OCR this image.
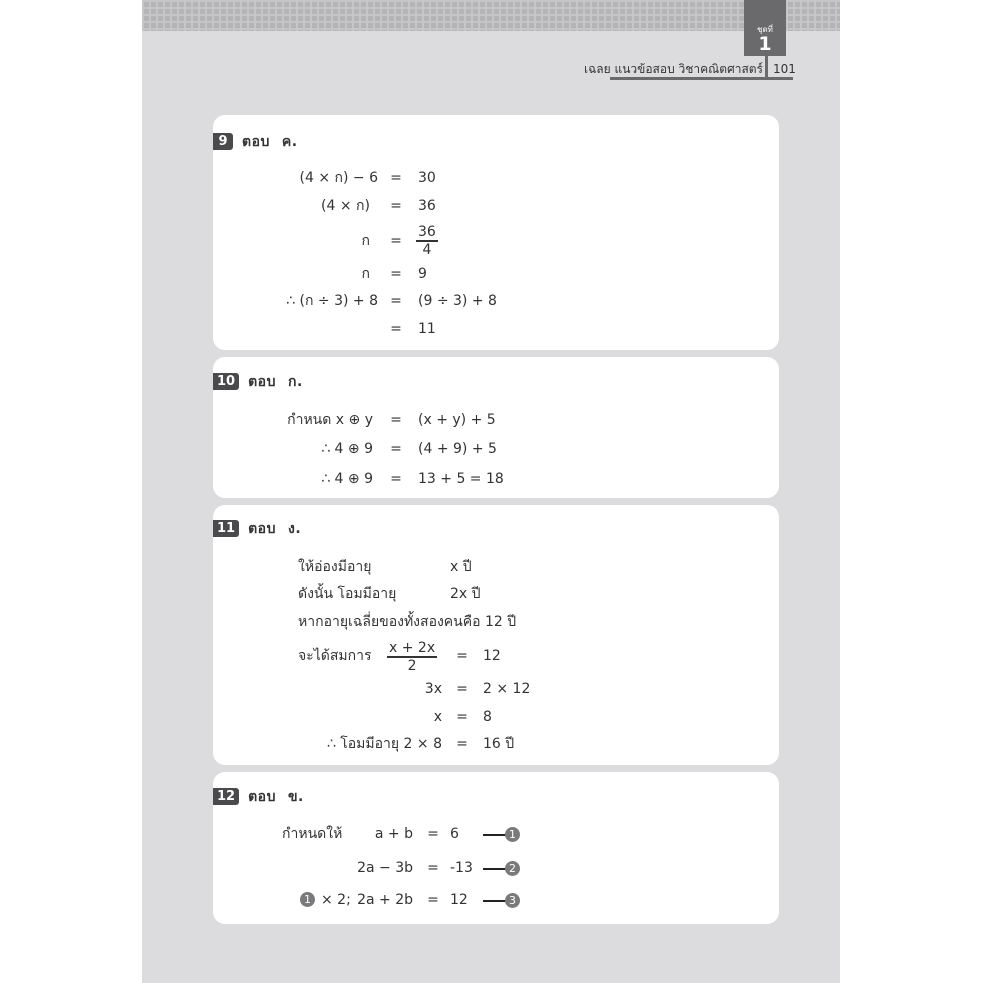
ชุดที่
1
เฉลย แนวข้อสอบ วิชาคณิตศาสตร์ 101
9	ตอบ ค.
(4 × ก) − 6 = 30
(4 × ก) = 36
ก = $\frac{36}{4}$
ก = 9
∴ (ก ÷ 3) + 8 = (9 ÷ 3) + 8
= 11
10 ตอบ ก.
กำหนด x ⊕ y = (x + y) + 5
∴ 4 ⊕ 9 = (4 + 9) + 5
∴ 4 ⊕ 9 = 13 + 5 = 18
11 ตอบ ง.
ให้อ่องมีอายุ	x ปี
ดังนั้น โอมมีอายุ	2x ปี
หากอายุเฉลี่ยของทั้งสองคนคือ 12 ปี
จะได้สมการ $\frac{x + 2x}{2} = 12$
3x = 2 × 12
x = 8
∴ โอมมีอายุ 2 × 8 = 16 ปี
12 ตอบ ข.
กำหนดให้	a + b = 6	1
2a − 3b = -13	2
1 × 2; 2a + 2b = 12	3
